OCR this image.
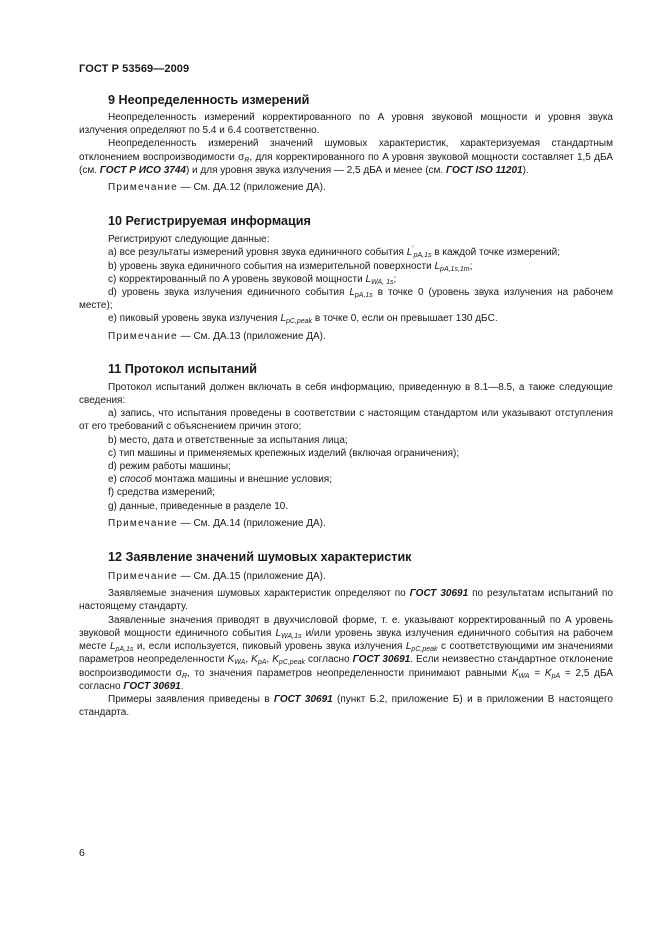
ГОСТ Р 53569—2009
9 Неопределенность измерений

Неопределенность измерений корректированного по A уровня звуковой мощности и уровня звука излучения определяют по 5.4 и 6.4 соответственно.

Неопределенность измерений значений шумовых характеристик, характеризуемая стандартным отклонением воспроизводимости $\sigma_R$, для корректированного по A уровня звуковой мощности составляет 1,5 дБА (см. ГОСТ Р ИСО 3744) и для уровня звука излучения — 2,5 дБА и менее (см. ГОСТ ISO 11201).

Примечание — См. ДА.12 (приложение ДА).

10 Регистрируемая информация

Регистрируют следующие данные:

a) все результаты измерений уровня звука единичного события $L'_{pA,1s}$ в каждой точке измерений;

b) уровень звука единичного события на измерительной поверхности $L_{pA,1s,1m}$;

c) корректированный по A уровень звуковой мощности $L_{WA, 1s}$;

d) уровень звука излучения единичного события $L_{pA,1s}$ в точке 0 (уровень звука излучения на рабочем месте);

e) пиковый уровень звука излучения $L_{pC,peak}$ в точке 0, если он превышает 130 дБC.

Примечание — См. ДА.13 (приложение ДА).

11 Протокол испытаний

Протокол испытаний должен включать в себя информацию, приведенную в 8.1—8.5, а также следующие сведения:

a) запись, что испытания проведены в соответствии с настоящим стандартом или указывают отступления от его требований с объяснением причин этого;

b) место, дата и ответственные за испытания лица;

c) тип машины и применяемых крепежных изделий (включая ограничения);

d) режим работы машины;

e) способ монтажа машины и внешние условия;

f) средства измерений;

g) данные, приведенные в разделе 10.

Примечание — См. ДА.14 (приложение ДА).

12 Заявление значений шумовых характеристик

Примечание — См. ДА.15 (приложение ДА).

Заявляемые значения шумовых характеристик определяют по ГОСТ 30691 по результатам испытаний по настоящему стандарту.

Заявленные значения приводят в двухчисловой форме, т. е. указывают корректированный по A уровень звуковой мощности единичного события $L_{WA,1s}$ и/или уровень звука излучения единичного события на рабочем месте $L_{pA,1s}$ и, если используется, пиковый уровень звука излучения $L_{pC,peak}$ с соответствующими им значениями параметров неопределенности $K_{WA}$, $K_{pA}$, $K_{pC,peak}$ согласно ГОСТ 30691. Если неизвестно стандартное отклонение воспроизводимости $\sigma_R$, то значения параметров неопределенности принимают равными $K_{WA} = K_{pA} = 2,5$ дБА согласно ГОСТ 30691.

Примеры заявления приведены в ГОСТ 30691 (пункт Б.2, приложение Б) и в приложении В настоящего стандарта.

6
